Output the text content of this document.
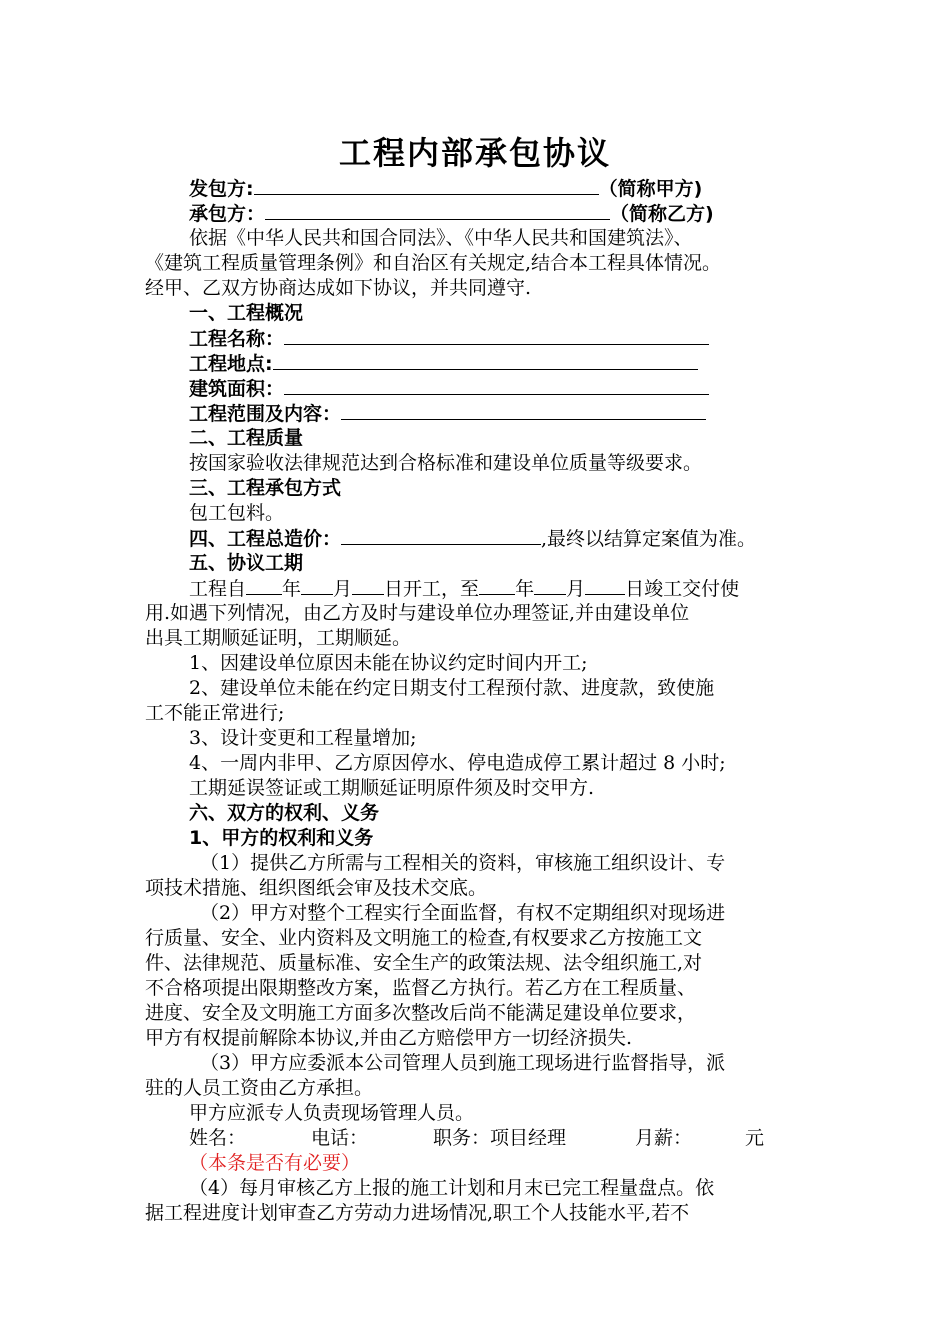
工程内部承包协议
发包方:	（简称甲方)
承包方：	（简称乙方)
依据《中华人民共和国合同法》、《中华人民共和国建筑法》、
《建筑工程质量管理条例》和自治区有关规定,结合本工程具体情况。
经甲、乙双方协商达成如下协议，并共同遵守.
一、工程概况
工程名称：
工程地点:
建筑面积：
工程范围及内容：
二、工程质量
按国家验收法律规范达到合格标准和建设单位质量等级要求。
三、工程承包方式
包工包料。
四、工程总造价：	,最终以结算定案值为准。
五、协议工期
工程自 年 月 日开工，至 年 月 日竣工交付使
用.如遇下列情况，由乙方及时与建设单位办理签证,并由建设单位
出具工期顺延证明，工期顺延。
1、因建设单位原因未能在协议约定时间内开工;
2、建设单位未能在约定日期支付工程预付款、进度款，致使施
工不能正常进行;
3、设计变更和工程量增加;
4、一周内非甲、乙方原因停水、停电造成停工累计超过 8 小时;
工期延误签证或工期顺延证明原件须及时交甲方.
六、双方的权利、义务
1、甲方的权利和义务
（1）提供乙方所需与工程相关的资料，审核施工组织设计、专
项技术措施、组织图纸会审及技术交底。
（2）甲方对整个工程实行全面监督，有权不定期组织对现场进
行质量、安全、业内资料及文明施工的检查,有权要求乙方按施工文
件、法律规范、质量标准、安全生产的政策法规、法令组织施工,对
不合格项提出限期整改方案，监督乙方执行。若乙方在工程质量、
进度、安全及文明施工方面多次整改后尚不能满足建设单位要求，
甲方有权提前解除本协议,并由乙方赔偿甲方一切经济损失.
（3）甲方应委派本公司管理人员到施工现场进行监督指导，派
驻的人员工资由乙方承担。
甲方应派专人负责现场管理人员。
姓名：	电话：	职务：项目经理	月薪：	元
（本条是否有必要）
（4）每月审核乙方上报的施工计划和月末已完工程量盘点。依
据工程进度计划审查乙方劳动力进场情况,职工个人技能水平,若不
